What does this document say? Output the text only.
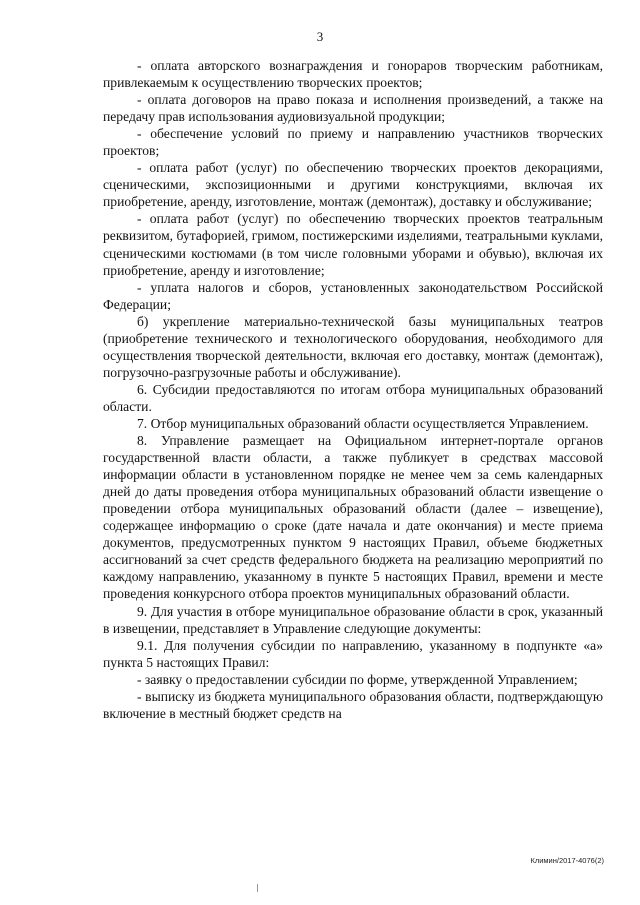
3

- оплата авторского вознаграждения и гонораров творческим работникам, привлекаемым к осуществлению творческих проектов;

- оплата договоров на право показа и исполнения произведений, а также на передачу прав использования аудиовизуальной продукции;

- обеспечение условий по приему и направлению участников творческих проектов;

- оплата работ (услуг) по обеспечению творческих проектов декорациями, сценическими, экспозиционными и другими конструкциями, включая их приобретение, аренду, изготовление, монтаж (демонтаж), доставку и обслуживание;

- оплата работ (услуг) по обеспечению творческих проектов театральным реквизитом, бутафорией, гримом, постижерскими изделиями, театральными куклами, сценическими костюмами (в том числе головными уборами и обувью), включая их приобретение, аренду и изготовление;

- уплата налогов и сборов, установленных законодательством Российской Федерации;

б) укрепление материально-технической базы муниципальных театров (приобретение технического и технологического оборудования, необходимого для осуществления творческой деятельности, включая его доставку, монтаж (демонтаж), погрузочно-разгрузочные работы и обслуживание).

6. Субсидии предоставляются по итогам отбора муниципальных образований области.

7. Отбор муниципальных образований области осуществляется Управлением.

8. Управление размещает на Официальном интернет-портале органов государственной власти области, а также публикует в средствах массовой информации области в установленном порядке не менее чем за семь календарных дней до даты проведения отбора муниципальных образований области извещение о проведении отбора муниципальных образований области (далее – извещение), содержащее информацию о сроке (дате начала и дате окончания) и месте приема документов, предусмотренных пунктом 9 настоящих Правил, объеме бюджетных ассигнований за счет средств федерального бюджета на реализацию мероприятий по каждому направлению, указанному в пункте 5 настоящих Правил, времени и месте проведения конкурсного отбора проектов муниципальных образований области.

9. Для участия в отборе муниципальное образование области в срок, указанный в извещении, представляет в Управление следующие документы:

9.1. Для получения субсидии по направлению, указанному в подпункте «а» пункта 5 настоящих Правил:

- заявку о предоставлении субсидии по форме, утвержденной Управлением;

- выписку из бюджета муниципального образования области, подтверждающую включение в местный бюджет средств на

Климин/2017-4076(2)
